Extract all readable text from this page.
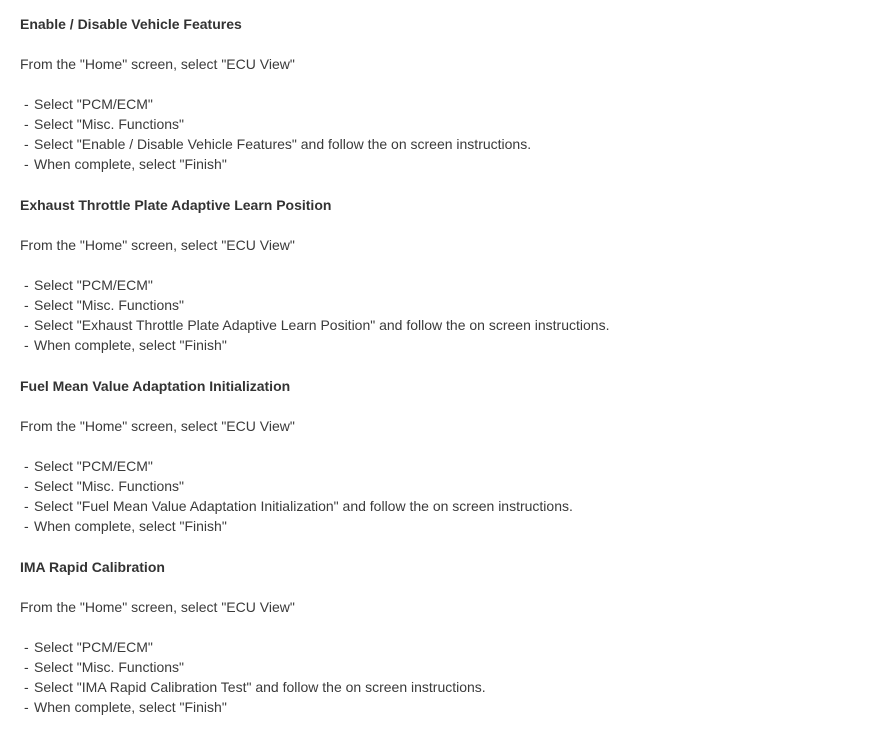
Enable / Disable Vehicle Features

From the "Home" screen, select "ECU View"

- Select "PCM/ECM"
- Select "Misc. Functions"
- Select "Enable / Disable Vehicle Features" and follow the on screen instructions.
- When complete, select "Finish"
Exhaust Throttle Plate Adaptive Learn Position

From the "Home" screen, select "ECU View"

- Select "PCM/ECM"
- Select "Misc. Functions"
- Select "Exhaust Throttle Plate Adaptive Learn Position" and follow the on screen instructions.
- When complete, select "Finish"
Fuel Mean Value Adaptation Initialization

From the "Home" screen, select "ECU View"

- Select "PCM/ECM"
- Select "Misc. Functions"
- Select "Fuel Mean Value Adaptation Initialization" and follow the on screen instructions.
- When complete, select "Finish"
IMA Rapid Calibration

From the "Home" screen, select "ECU View"

- Select "PCM/ECM"
- Select "Misc. Functions"
- Select "IMA Rapid Calibration Test" and follow the on screen instructions.
- When complete, select "Finish"
